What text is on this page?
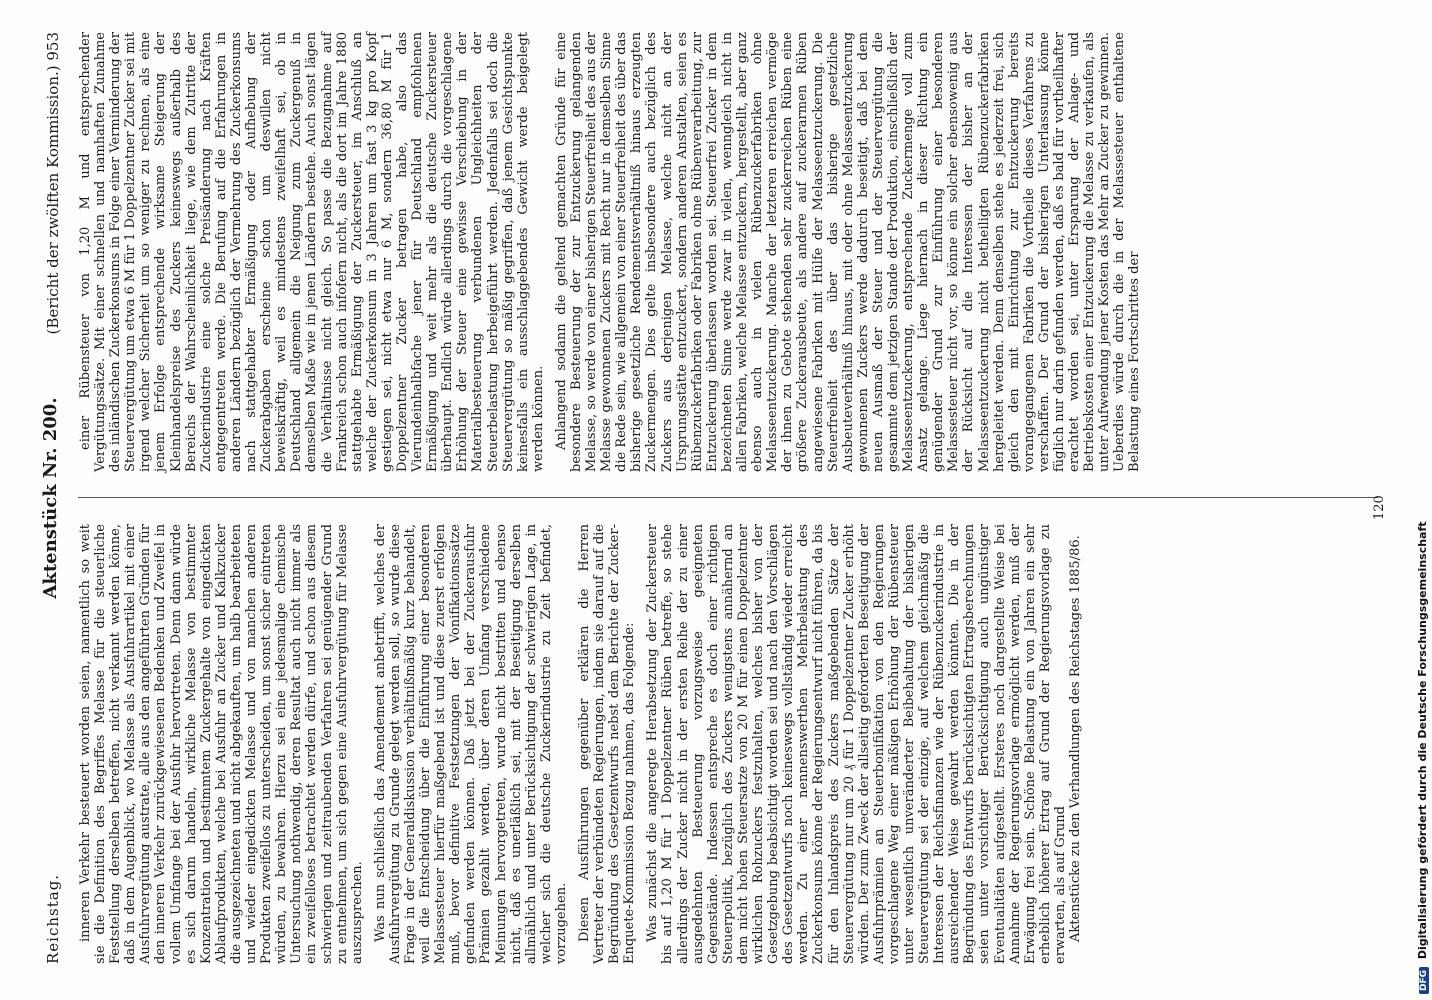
Reichstag.
Aktenstück Nr. 200.
(Bericht der zwölften Kommission.) 953

inneren Verkehr besteuert worden seien, namentlich so weit sie die Definition des Begriffes Melasse für die steuerliche Feststellung derselben betreffen, nicht verkannt werden könne, daß in dem Augenblick, wo Melasse als Ausfuhrartikel mit einer Ausfuhrvergütung austrate, alle aus den angeführten Gründen für den inneren Verkehr zurückgewiesenen Bedenken und Zweifel in vollem Umfange bei der Ausfuhr hervortreten. Denn dann würde es sich darum handeln, wirkliche Melasse von bestimmter Konzentration und bestimmtem Zuckergehalte von eingedickten Ablaufprodukten, welche bei Ausfuhr an Zucker und Kalkzucker die ausgezeichneten und nicht abgekauften, um halb bearbeiteten und wieder eingedickten Melasse und von manchen anderen Produkten zweifellos zu unterscheiden, um sonst sicher eintreten würden, zu bewahren. Hierzu sei eine jedesmalige chemische Untersuchung nothwendig, deren Resultat auch nicht immer als ein zweifelloses betrachtet werden dürfe, und schon aus diesem schwierigen und zeitraubenden Verfahren sei genügender Grund zu entnehmen, um sich gegen eine Ausfuhrvergütung für Melasse auszusprechen. Was nun schließlich das Amendement anbetrifft, welches der Ausfuhrvergütung zu Grunde gelegt werden soll, so wurde diese Frage in der Generaldiskussion verhältnißmäßig kurz behandelt, weil die Entscheidung über die Einführung einer besonderen Melassesteuer hierfür maßgebend ist und diese zuerst erfolgen muß, bevor definitive Festsetzungen der Vonifikationssätze gefunden werden können. Daß jetzt bei der Zuckerausfuhr Prämien gezahlt werden, über deren Umfang verschiedene Meinungen hervorgetreten, wurde nicht bestritten und ebenso nicht, daß es unerläßlich sei, mit der Beseitigung derselben allmählich und unter Berücksichtigung der schwierigen Lage, in welcher sich die deutsche Zuckerindustrie zu Zeit befindet, vorzugehen. Diesen Ausführungen gegenüber erklären die Herren Vertreter der verbündeten Regierungen, indem sie darauf auf die Begründung des Gesetzentwurfs nebst dem Berichte der Zucker-Enquete-Kommission Bezug nahmen, das Folgende: Was zunächst die angeregte Herabsetzung der Zuckersteuer bis auf 1,20 M für 1 Doppelzentner Rüben betreffe, so stehe allerdings der Zucker nicht in der ersten Reihe der zu einer ausgedehnten Besteuerung vorzugsweise geeigneten Gegenstände. Indessen entspreche es doch einer richtigen Steuerpolitik, bezüglich des Zuckers wenigstens annähernd an dem nicht hohen Steuersatze von 20 M für einen Doppelzentner wirklichen Rohzuckers festzuhalten, welches bisher von der Gesetzgebung beabsichtigt worden sei und nach den Vorschlägen des Gesetzentwurfs noch keineswegs vollständig wieder erreicht werden. Zu einer nennenswerthen Mehrbelastung des Zuckerkonsums könne der Regierungsentwurf nicht führen, da bis für den Inlandspreis des Zuckers maßgebenden Sätze der Steuervergütung nur um 20 ₰ für 1 Doppelzentner Zucker erhöht würden. Der zum Zweck der allseitig geforderten Beseitigung der Ausfuhrprämien an Steuerbonifikation von den Regierungen vorgeschlagene Weg einer mäßigen Erhöhung der Rübensteuer unter wesentlich unveränderter Beibehaltung der bisherigen Steuervergütung sei der einzige, auf welchem gleichmäßig die Interessen der Reichsfinanzen wie der Rübenzuckerindustrie in ausreichender Weise gewahrt werden könnten. Die in der Begründung des Entwurfs berücksichtigten Ertragsberechnungen seien unter vorsichtiger Berücksichtigung auch ungünstiger Eventualitäten aufgestellt. Ersteres noch dargestellte Weise bei Annahme der Regierungsvorlage ermöglicht werden, muß der Erwägung frei sein. Schöne Belastung ein von Jahren ein sehr erheblich höherer Ertrag auf Grund der Regierungsvorlage zu erwarten, als auf Grund Aktenstücke zu den Verhandlungen des Reichstages 1885/86.

einer Rübensteuer von 1,20 M und entsprechender Vergütungssätze. Mit einer schnellen und namhaften Zunahme des inländischen Zuckerkonsums in Folge einer Verminderung der Steuervergütung um etwa 6 M für 1 Doppelzentner Zucker sei mit irgend welcher Sicherheit um so weniger zu rechnen, als eine jenem Erfolge entsprechende wirksame Steigerung der Kleinhandelspreise des Zuckers keineswegs außerhalb des Bereichs der Wahrscheinlichkeit liege, wie dem Zutritte der Zuckerindustrie eine solche Preisänderung nach Kräften entgegentreten werde. Die Berufung auf die Erfahrungen in anderen Ländern bezüglich der Vermehrung des Zuckerkonsums nach stattgehabter Ermäßigung oder Aufhebung der Zuckerabgaben erscheine schon um deswillen nicht beweiskräftig, weil es mindestens zweifelhaft sei, ob in Deutschland allgemein die Neigung zum Zuckergenuß in demselben Maße wie in jenen Ländern bestehe. Auch sonst lägen die Verhältnisse nicht gleich. So passe die Bezugnahme auf Frankreich schon auch infofern nicht, als die dort im Jahre 1880 stattgehabte Ermäßigung der Zuckersteuer, im Anschluß an welche der Zuckerkonsum in 3 Jahren um fast 3 kg pro Kopf gestiegen sei, nicht etwa nur 6 M, sondern 36,80 M für 1 Doppelzentner Zucker betragen habe, also das Vierundeinhalbfache jener für Deutschland empfohlenen Ermäßigung und weit mehr als die deutsche Zuckersteuer überhaupt. Endlich würde allerdings durch die vorgeschlagene Erhöhung der Steuer eine gewisse Verschiebung in der Materialbesteuerung verbundenen Ungleichheiten der Steuerbelastung herbeigeführt werden. Jedenfalls sei doch die Steuervergütung so mäßig gegriffen, daß jenem Gesichtspunkte keinesfalls ein ausschlaggebendes Gewicht werde beigelegt werden können. Anlangend sodann die geltend gemachten Gründe für eine besondere Besteuerung der zur Entzuckerung gelangenden Melasse, so werde von einer bisherigen Steuerfreiheit des aus der Melasse gewonnenen Zuckers mit Recht nur in demselben Sinne die Rede sein, wie allgemein von einer Steuerfreiheit des über das bisherige gesetzliche Rendementsverhältniß hinaus erzeugten Zuckermengen. Dies gelte insbesondere auch bezüglich des Zuckers aus derjenigen Melasse, welche nicht an der Ursprungsstätte entzuckert, sondern anderen Anstalten, seien es Rübenzuckerfabriken oder Fabriken ohne Rübenverarbeitung, zur Entzuckerung überlassen worden sei. Steuerfrei Zucker in dem bezeichneten Sinne werde zwar in vielen, wenngleich nicht in allen Fabriken, welche Melasse entzuckern, hergestellt, aber ganz ebenso auch in vielen Rübenzuckerfabriken ohne Melasseentzuckerung. Manche der letzteren erreichen vermöge der ihnen zu Gebote stehenden sehr zuckerreichen Rüben eine größere Zuckerausbeute, als andere auf zuckerarmen Rüben angewiesene Fabriken mit Hülfe der Melasseentzuckerung. Die Steuerfreiheit des über das bisherige gesetzliche Ausbeuteverhältniß hinaus, mit oder ohne Melasseentzuckerung gewonnenen Zuckers werde dadurch beseitigt, daß bei dem neuen Ausmaß der Steuer und der Steuervergütung die gesammte dem jetzigen Stande der Produktion, einschließlich der Melasseentzuckerung, entsprechende Zuckermenge voll zum Ansatz gelange. Liege hiernach in dieser Richtung ein genügender Grund zur Einführung einer besonderen Melassesteuer nicht vor, so könne ein solcher ebensowenig aus der Rücksicht auf die Interessen der bisher an der Melasseentzuckerung nicht betheiligten Rübenzuckerfabriken hergeleitet werden. Denn denselben stehe es jederzeit frei, sich gleich den mit Einrichtung zur Entzuckerung bereits vorangegangenen Fabriken die Vortheile dieses Verfahrens zu verschaffen. Der Grund der bisherigen Unterlassung könne füglich nur darin gefunden werden, daß es bald für vortheilhafter erachtet worden sei, unter Ersparung der Anlage- und Betriebskosten einer Entzuckerung die Melasse zu verkaufen, als unter Aufwendung jener Kosten das Mehr an Zucker zu gewinnen. Ueberdies würde durch die in der Melassesteuer enthaltene Belastung eines Fortschrittes der

120
DFG Digitalisierung gefördert durch die Deutsche Forschungsgemeinschaft
